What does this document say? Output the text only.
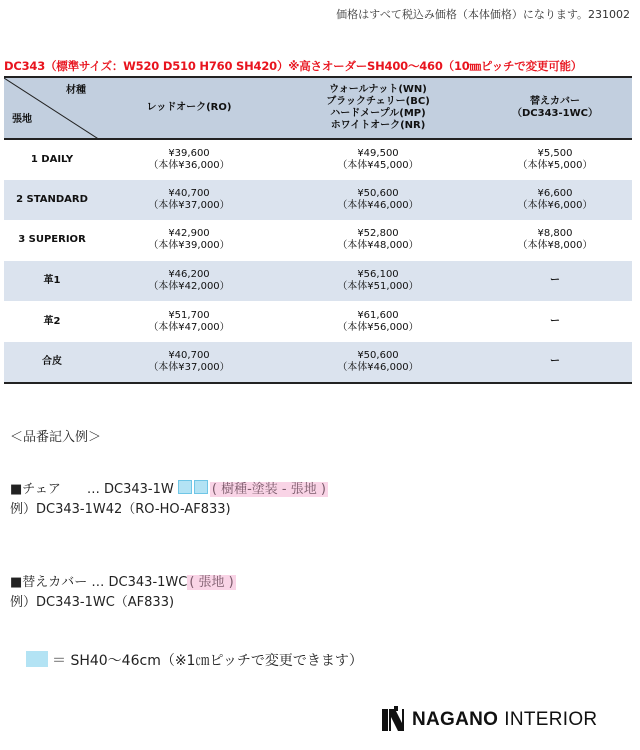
価格はすべて税込み価格（本体価格）になります。231002
DC343（標準サイズ：W520 D510 H760 SH420）※高さオーダーSH400～460（10㎜ピッチで変更可能）
材種
張地	レッドオーク(RO)	ウォールナット(WN)
ブラックチェリー(BC)
ハードメープル(MP)
ホワイトオーク(NR)	替えカバー
（DC343-1WC）

1 DAILY	¥39,600
（本体¥36,000）	¥49,500
（本体¥45,000）	¥5,500
（本体¥5,000）

2 STANDARD	¥40,700
（本体¥37,000）	¥50,600
（本体¥46,000）	¥6,600
（本体¥6,000）

3 SUPERIOR	¥42,900
（本体¥39,000）	¥52,800
（本体¥48,000）	¥8,800
（本体¥8,000）

革1	¥46,200
（本体¥42,000）	¥56,100
（本体¥51,000）	ー

革2	¥51,700
（本体¥47,000）	¥61,600
（本体¥56,000）	ー

合皮	¥40,700
（本体¥37,000）	¥50,600
（本体¥46,000）	ー
＜品番記入例＞
■チェア　　… DC343-1W	( 樹種-塗装 - 張地 )
例）DC343-1W42（RO-HO-AF833)
■替えカバー … DC343-1WC ( 張地 )
例）DC343-1WC（AF833)
＝ SH40～46cm（※1㎝ピッチで変更できます）
NAGANO INTERIOR
